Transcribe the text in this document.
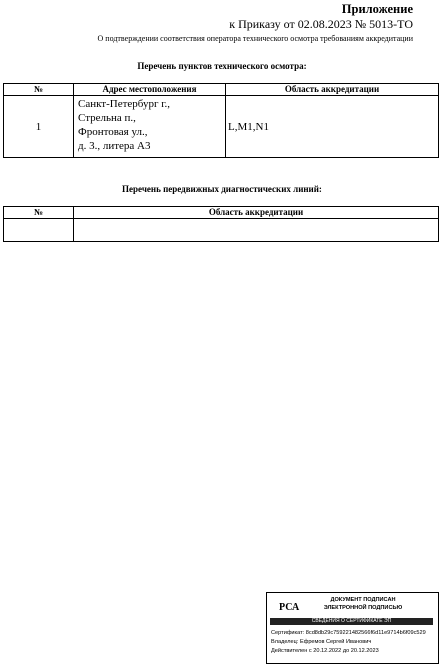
Приложение
к Приказу от 02.08.2023 № 5013-ТО
О подтверждении соответствия оператора технического осмотра требованиям аккредитации
Перечень пунктов технического осмотра:
№	Адрес местоположения	Область аккредитации
1	Санкт-Петербург г.,
Стрельна п.,
Фронтовая ул.,
д. 3., литера А3	L,M1,N1
Перечень передвижных диагностических линий:
№	Область аккредитации

РСА
ДОКУМЕНТ ПОДПИСАН
ЭЛЕКТРОННОЙ ПОДПИСЬЮ
СВЕДЕНИЯ О СЕРТИФИКАТЕ ЭП
Сертификат: 8cd8db29c759221482566f6d11e9714b6f09c529
Владелец: Ефремов Сергей Иванович
Действителен с 20.12.2022 до 20.12.2023
